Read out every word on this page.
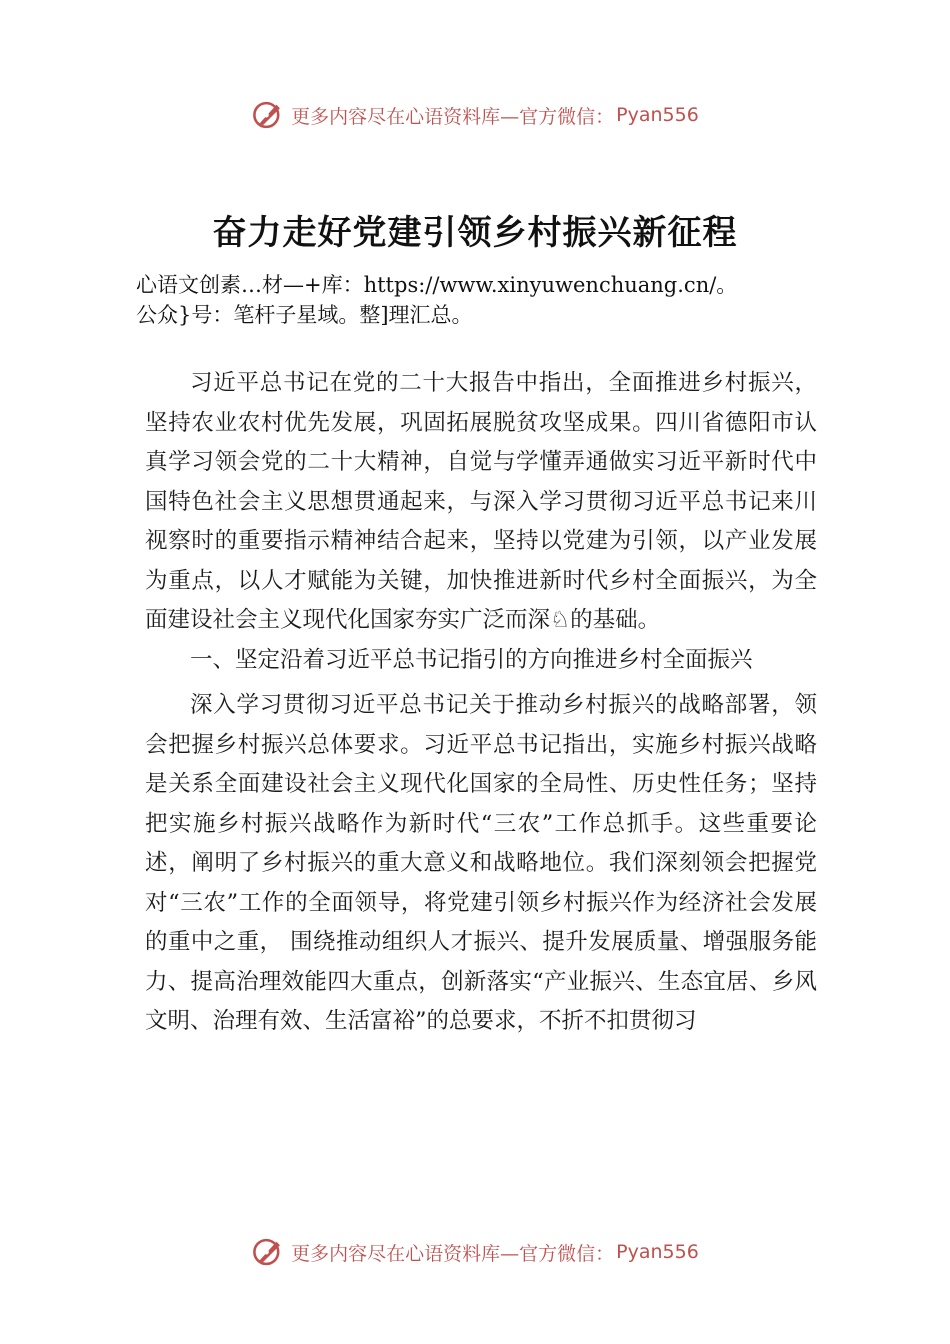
更多内容尽在心语资料库—官方微信： Pyan556
奋力走好党建引领乡村振兴新征程
心语文创素…材—+库：https://www.xinyuwenchuang.cn/。
公众}号：笔杆子星域。整]理汇总。

习近平总书记在党的二十大报告中指出，全面推进乡村振兴，坚持农业农村优先发展，巩固拓展脱贫攻坚成果。四川省德阳市认真学习领会党的二十大精神，自觉与学懂弄通做实习近平新时代中国特色社会主义思想贯通起来，与深入学习贯彻习近平总书记来川视察时的重要指示精神结合起来，坚持以党建为引领，以产业发展为重点，以人才赋能为关键，加快推进新时代乡村全面振兴，为全面建设社会主义现代化国家夯实广泛而深♘的基础。

一、坚定沿着习近平总书记指引的方向推进乡村全面振兴

深入学习贯彻习近平总书记关于推动乡村振兴的战略部署，领会把握乡村振兴总体要求。习近平总书记指出，实施乡村振兴战略是关系全面建设社会主义现代化国家的全局性、历史性任务；坚持把实施乡村振兴战略作为新时代“三农”工作总抓手。这些重要论述，阐明了乡村振兴的重大意义和战略地位。我们深刻领会把握党对“三农”工作的全面领导，将党建引领乡村振兴作为经济社会发展的重中之重， 围绕推动组织人才振兴、提升发展质量、增强服务能力、提高治理效能四大重点，创新落实“产业振兴、生态宜居、乡风文明、治理有效、生活富裕”的总要求，不折不扣贯彻习

更多内容尽在心语资料库—官方微信： Pyan556
